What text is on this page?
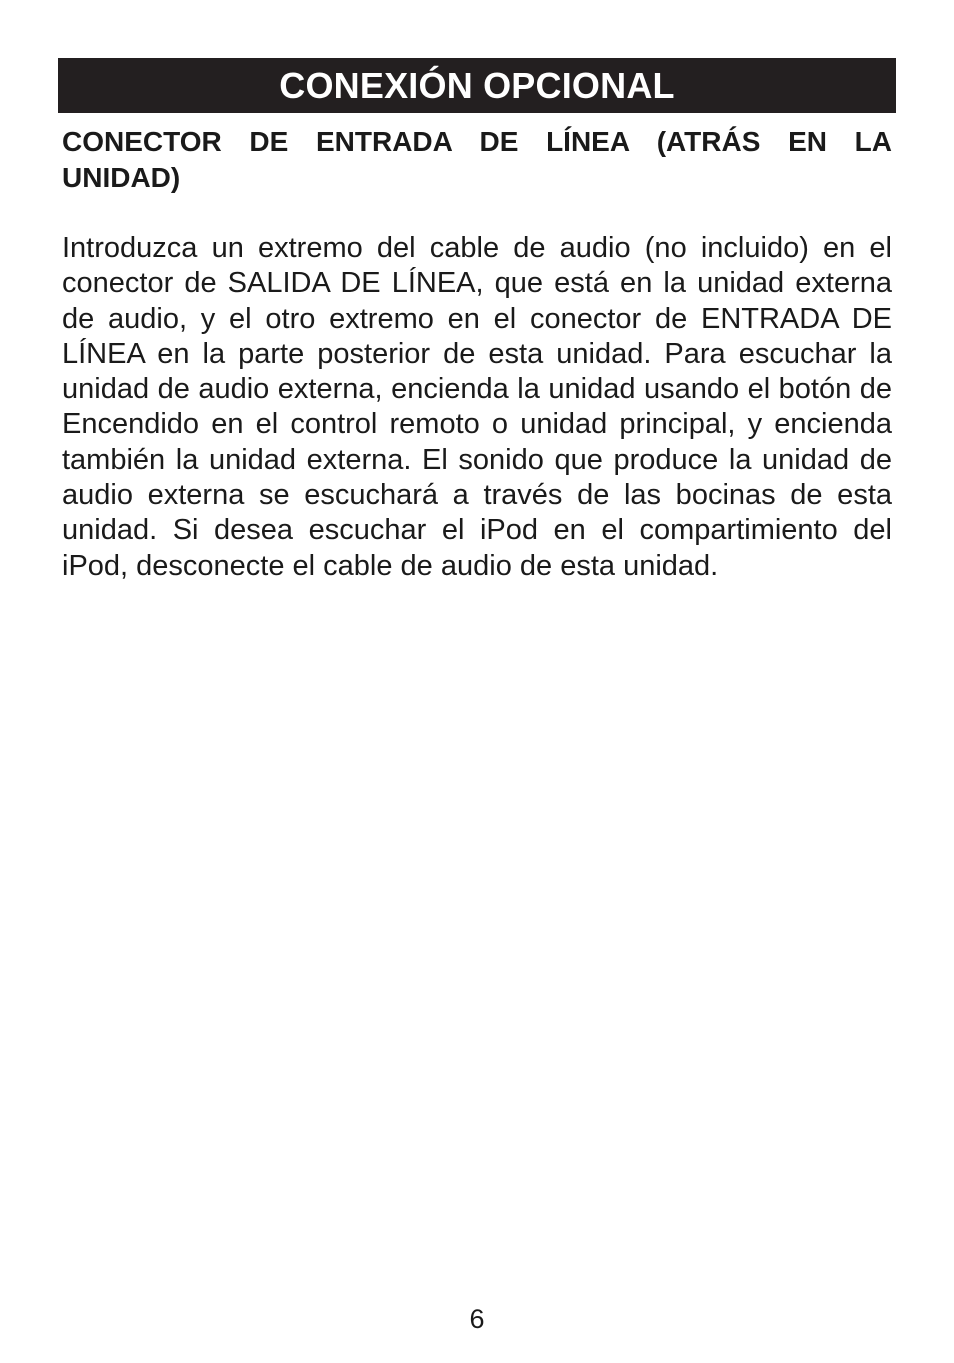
CONEXIÓN OPCIONAL
CONECTOR DE ENTRADA DE LÍNEA (ATRÁS EN LA UNIDAD)

Introduzca un extremo del cable de audio (no incluido) en el conector de SALIDA DE LÍNEA, que está en la unidad externa de audio, y el otro extremo en el conector de ENTRADA DE LÍNEA en la parte posterior de esta unidad. Para escuchar la unidad de audio externa, encienda la unidad usando el botón de Encendido en el control remoto o unidad principal, y encienda también la unidad externa. El sonido que produce la unidad de audio externa se escuchará a través de las bocinas de esta unidad. Si desea escuchar el iPod en el compartimiento del iPod, desconecte el cable de audio de esta unidad.

6
